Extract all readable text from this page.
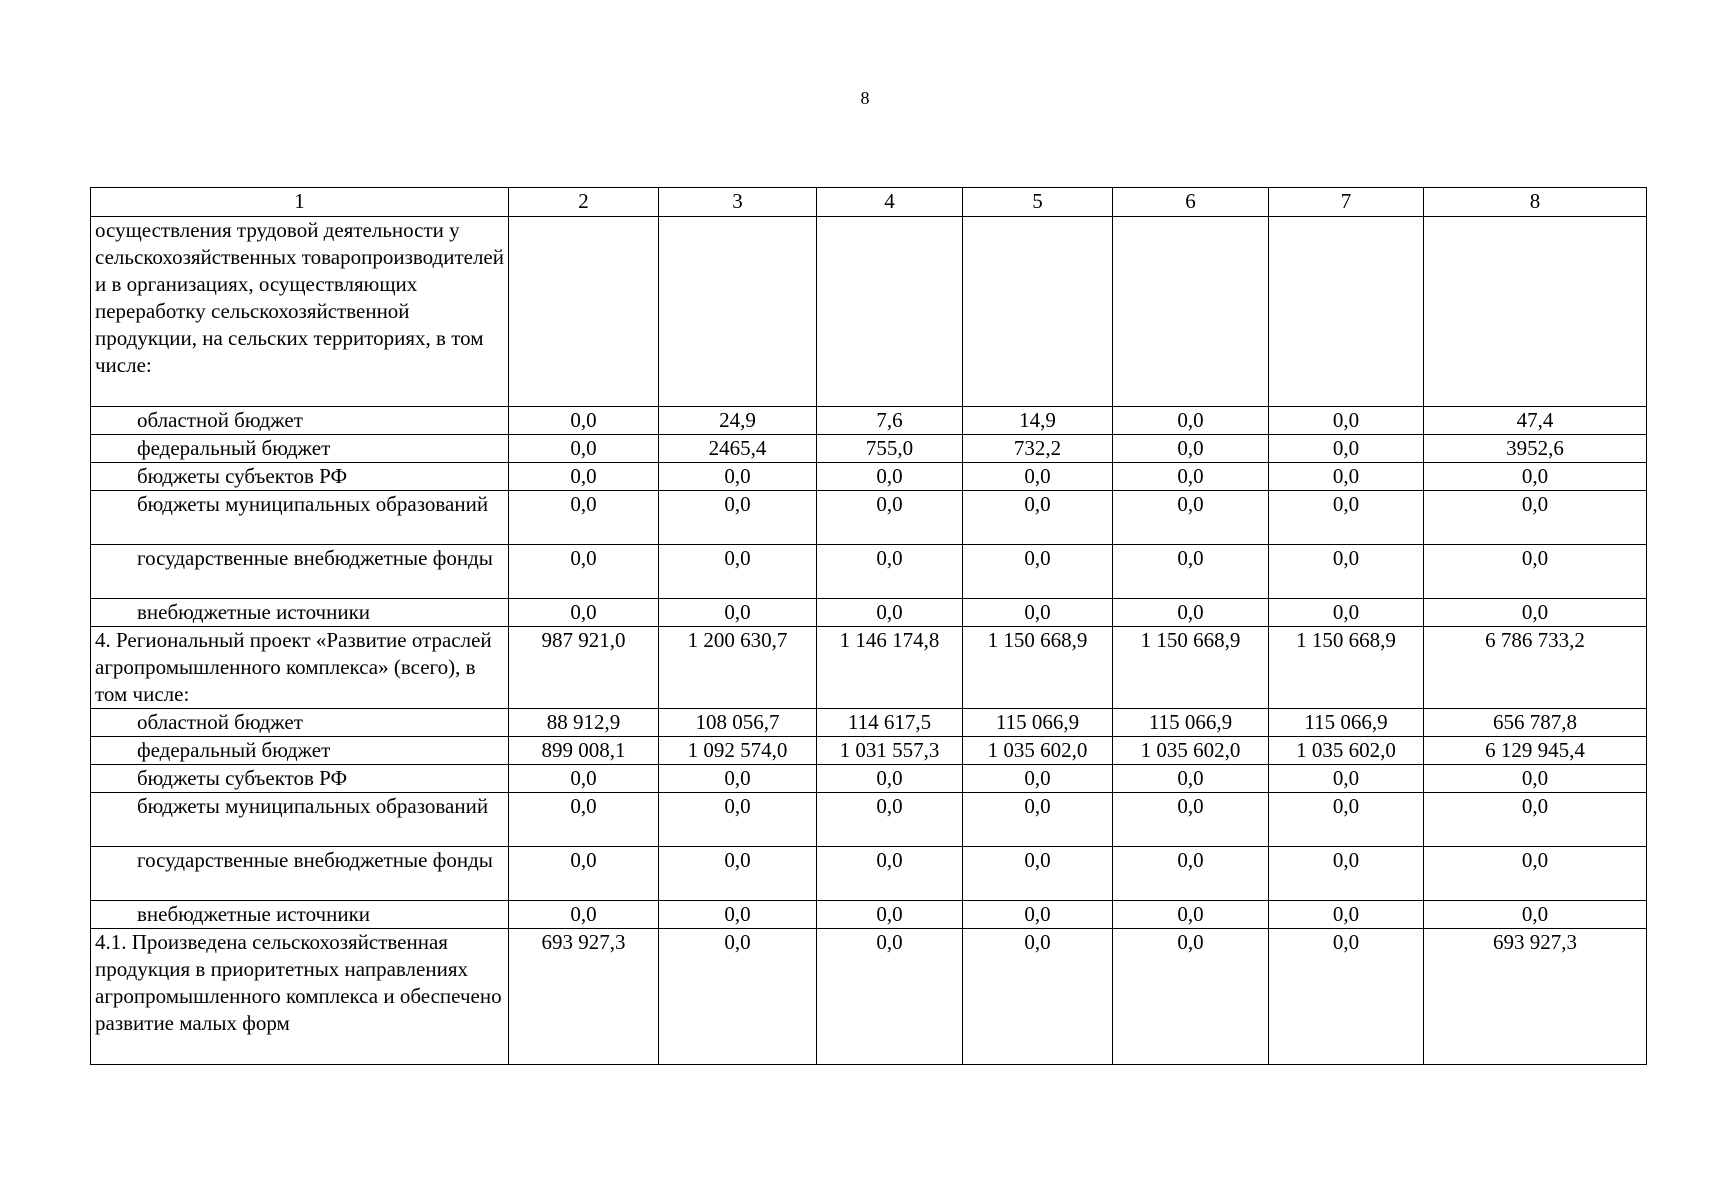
8
1	2	3	4	5	6	7	8
осуществления трудовой деятельности у сельскохозяйственных товаропроизводителей и в организациях, осуществляющих переработку сельскохозяйственной продукции, на сельских территориях, в том числе:							
областной бюджет	0,0	24,9	7,6	14,9	0,0	0,0	47,4
федеральный бюджет	0,0	2465,4	755,0	732,2	0,0	0,0	3952,6
бюджеты субъектов РФ	0,0	0,0	0,0	0,0	0,0	0,0	0,0
бюджеты муниципальных образований	0,0	0,0	0,0	0,0	0,0	0,0	0,0
государственные внебюджетные фонды	0,0	0,0	0,0	0,0	0,0	0,0	0,0
внебюджетные источники	0,0	0,0	0,0	0,0	0,0	0,0	0,0
4. Региональный проект «Развитие отраслей агропромышленного комплекса» (всего), в том числе:	987 921,0	1 200 630,7	1 146 174,8	1 150 668,9	1 150 668,9	1 150 668,9	6 786 733,2
областной бюджет	88 912,9	108 056,7	114 617,5	115 066,9	115 066,9	115 066,9	656 787,8
федеральный бюджет	899 008,1	1 092 574,0	1 031 557,3	1 035 602,0	1 035 602,0	1 035 602,0	6 129 945,4
бюджеты субъектов РФ	0,0	0,0	0,0	0,0	0,0	0,0	0,0
бюджеты муниципальных образований	0,0	0,0	0,0	0,0	0,0	0,0	0,0
государственные внебюджетные фонды	0,0	0,0	0,0	0,0	0,0	0,0	0,0
внебюджетные источники	0,0	0,0	0,0	0,0	0,0	0,0	0,0
4.1. Произведена сельскохозяйственная продукция в приоритетных направлениях агропромышленного комплекса и обеспечено развитие малых форм	693 927,3	0,0	0,0	0,0	0,0	0,0	693 927,3
